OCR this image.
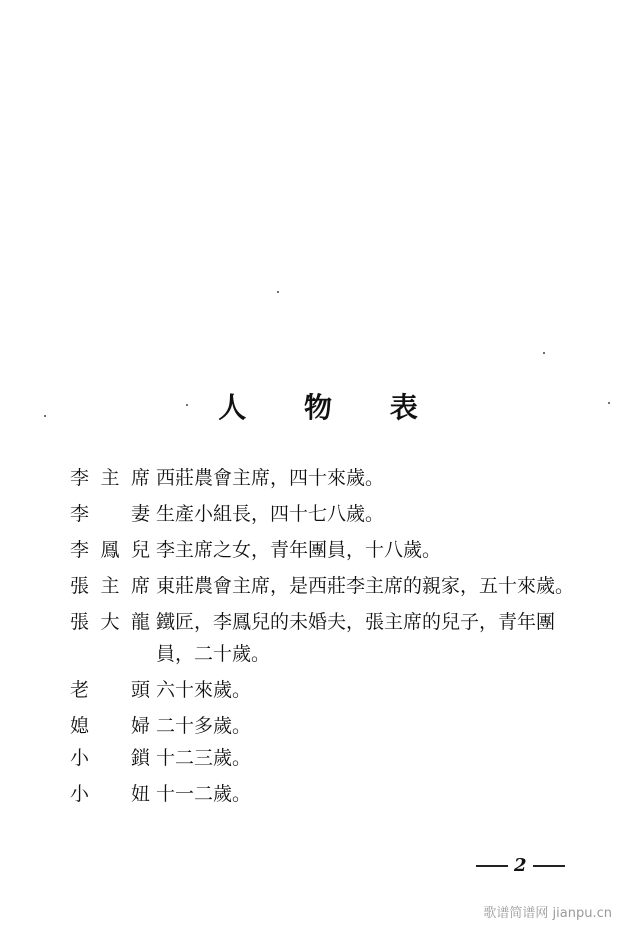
人 物 表
李主席 西莊農會主席，四十來歲。
李 妻 生產小組長，四十七八歲。
李鳳兒 李主席之女，青年團員，十八歲。
張主席 東莊農會主席，是西莊李主席的親家，五十來歲。
張大龍 鐵匠，李鳳兒的未婚夫，張主席的兒子，青年團員，二十歲。
老 頭 六十來歲。
媳 婦 二十多歲。
小 鎖 十二三歲。
小 妞 十一二歲。
2
歌谱简谱网 jianpu.cn
